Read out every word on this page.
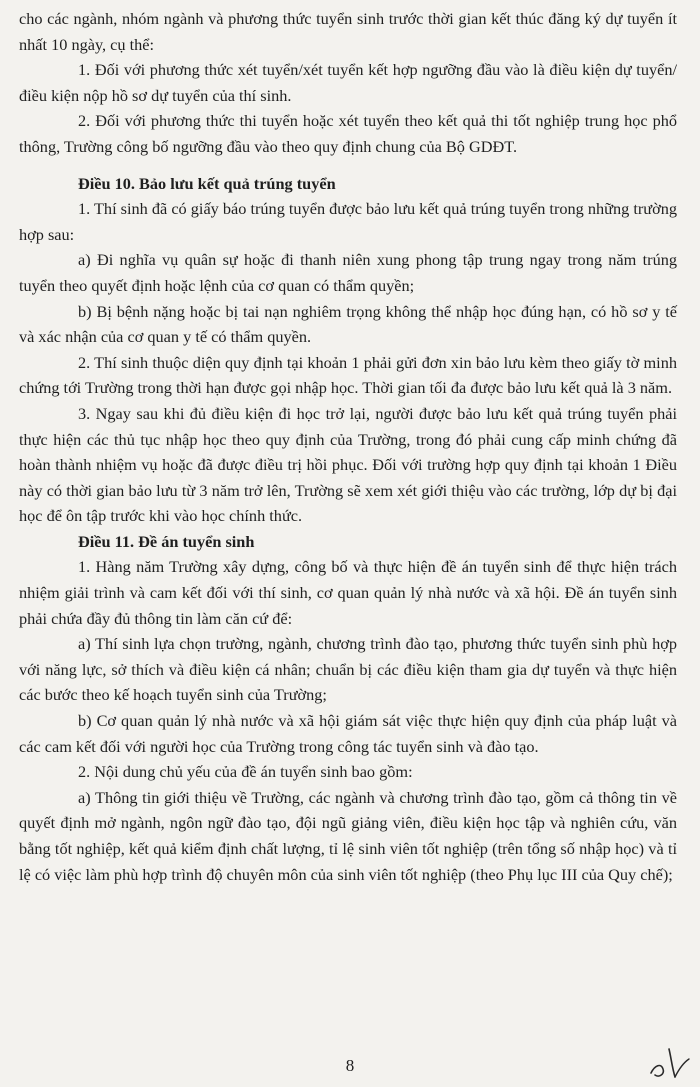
cho các ngành, nhóm ngành và phương thức tuyển sinh trước thời gian kết thúc đăng ký dự tuyển ít nhất 10 ngày, cụ thể:

1. Đối với phương thức xét tuyển/xét tuyển kết hợp ngưỡng đầu vào là điều kiện dự tuyển/điều kiện nộp hồ sơ dự tuyển của thí sinh.

2. Đối với phương thức thi tuyển hoặc xét tuyển theo kết quả thi tốt nghiệp trung học phổ thông, Trường công bố ngưỡng đầu vào theo quy định chung của Bộ GDĐT.

Điều 10. Bảo lưu kết quả trúng tuyển

1. Thí sinh đã có giấy báo trúng tuyển được bảo lưu kết quả trúng tuyển trong những trường hợp sau:

a) Đi nghĩa vụ quân sự hoặc đi thanh niên xung phong tập trung ngay trong năm trúng tuyển theo quyết định hoặc lệnh của cơ quan có thẩm quyền;

b) Bị bệnh nặng hoặc bị tai nạn nghiêm trọng không thể nhập học đúng hạn, có hồ sơ y tế và xác nhận của cơ quan y tế có thẩm quyền.

2. Thí sinh thuộc diện quy định tại khoản 1 phải gửi đơn xin bảo lưu kèm theo giấy tờ minh chứng tới Trường trong thời hạn được gọi nhập học. Thời gian tối đa được bảo lưu kết quả là 3 năm.

3. Ngay sau khi đủ điều kiện đi học trở lại, người được bảo lưu kết quả trúng tuyển phải thực hiện các thủ tục nhập học theo quy định của Trường, trong đó phải cung cấp minh chứng đã hoàn thành nhiệm vụ hoặc đã được điều trị hồi phục. Đối với trường hợp quy định tại khoản 1 Điều này có thời gian bảo lưu từ 3 năm trở lên, Trường sẽ xem xét giới thiệu vào các trường, lớp dự bị đại học để ôn tập trước khi vào học chính thức.

Điều 11. Đề án tuyển sinh

1. Hàng năm Trường xây dựng, công bố và thực hiện đề án tuyển sinh để thực hiện trách nhiệm giải trình và cam kết đối với thí sinh, cơ quan quản lý nhà nước và xã hội. Đề án tuyển sinh phải chứa đầy đủ thông tin làm căn cứ để:

a) Thí sinh lựa chọn trường, ngành, chương trình đào tạo, phương thức tuyển sinh phù hợp với năng lực, sở thích và điều kiện cá nhân; chuẩn bị các điều kiện tham gia dự tuyển và thực hiện các bước theo kế hoạch tuyển sinh của Trường;

b) Cơ quan quản lý nhà nước và xã hội giám sát việc thực hiện quy định của pháp luật và các cam kết đối với người học của Trường trong công tác tuyển sinh và đào tạo.

2. Nội dung chủ yếu của đề án tuyển sinh bao gồm:

a) Thông tin giới thiệu về Trường, các ngành và chương trình đào tạo, gồm cả thông tin về quyết định mở ngành, ngôn ngữ đào tạo, đội ngũ giảng viên, điều kiện học tập và nghiên cứu, văn bằng tốt nghiệp, kết quả kiểm định chất lượng, tỉ lệ sinh viên tốt nghiệp (trên tổng số nhập học) và tỉ lệ có việc làm phù hợp trình độ chuyên môn của sinh viên tốt nghiệp (theo Phụ lục III của Quy chế);

8
